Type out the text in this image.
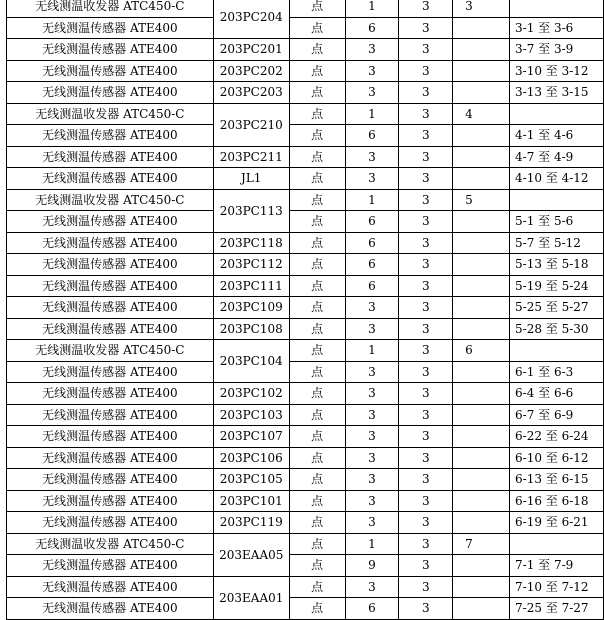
无线测温收发器 ATC450-C	203PC204	点	1	3	3	
无线测温传感器 ATE400		点	6	3		3-1 至 3-6
无线测温传感器 ATE400	203PC201	点	3	3		3-7 至 3-9
无线测温传感器 ATE400	203PC202	点	3	3		3-10 至 3-12
无线测温传感器 ATE400	203PC203	点	3	3		3-13 至 3-15
无线测温收发器 ATC450-C	203PC210	点	1	3	4	
无线测温传感器 ATE400		点	6	3		4-1 至 4-6
无线测温传感器 ATE400	203PC211	点	3	3		4-7 至 4-9
无线测温传感器 ATE400	JL1	点	3	3		4-10 至 4-12
无线测温收发器 ATC450-C	203PC113	点	1	3	5	
无线测温传感器 ATE400		点	6	3		5-1 至 5-6
无线测温传感器 ATE400	203PC118	点	6	3		5-7 至 5-12
无线测温传感器 ATE400	203PC112	点	6	3		5-13 至 5-18
无线测温传感器 ATE400	203PC111	点	6	3		5-19 至 5-24
无线测温传感器 ATE400	203PC109	点	3	3		5-25 至 5-27
无线测温传感器 ATE400	203PC108	点	3	3		5-28 至 5-30
无线测温收发器 ATC450-C	203PC104	点	1	3	6	
无线测温传感器 ATE400		点	3	3		6-1 至 6-3
无线测温传感器 ATE400	203PC102	点	3	3		6-4 至 6-6
无线测温传感器 ATE400	203PC103	点	3	3		6-7 至 6-9
无线测温传感器 ATE400	203PC107	点	3	3		6-22 至 6-24
无线测温传感器 ATE400	203PC106	点	3	3		6-10 至 6-12
无线测温传感器 ATE400	203PC105	点	3	3		6-13 至 6-15
无线测温传感器 ATE400	203PC101	点	3	3		6-16 至 6-18
无线测温传感器 ATE400	203PC119	点	3	3		6-19 至 6-21
无线测温收发器 ATC450-C	203EAA05	点	1	3	7	
无线测温传感器 ATE400		点	9	3		7-1 至 7-9
无线测温传感器 ATE400	203EAA01	点	3	3		7-10 至 7-12
无线测温传感器 ATE400		点	6	3		7-25 至 7-27
